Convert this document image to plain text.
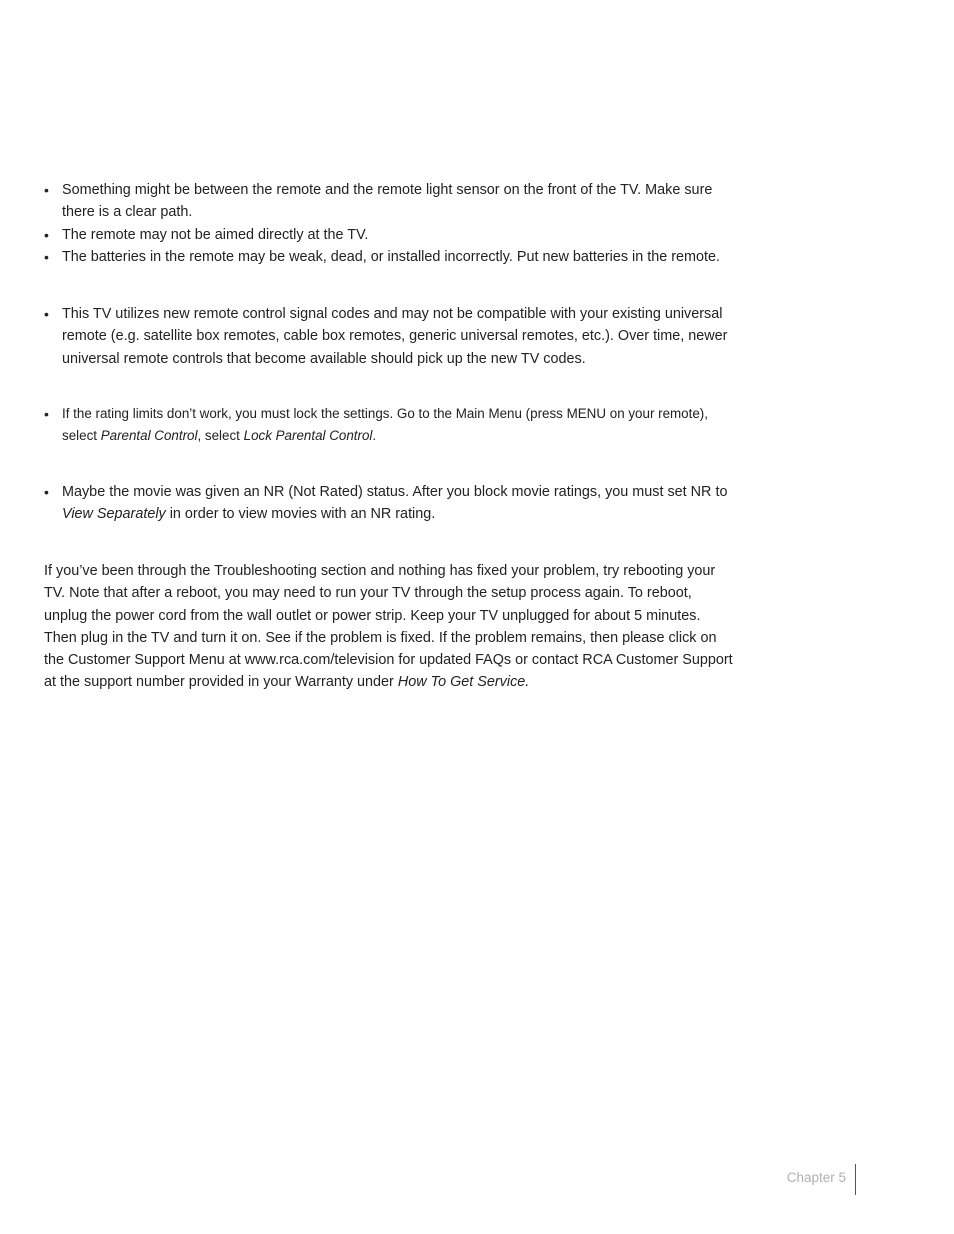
• Something might be between the remote and the remote light sensor on the front of the TV. Make sure there is a clear path.
• The remote may not be aimed directly at the TV.
• The batteries in the remote may be weak, dead, or installed incorrectly. Put new batteries in the remote.
• This TV utilizes new remote control signal codes and may not be compatible with your existing universal remote (e.g. satellite box remotes, cable box remotes, generic universal remotes, etc.). Over time, newer universal remote controls that become available should pick up the new TV codes.
• If the rating limits don’t work, you must lock the settings. Go to the Main Menu (press MENU on your remote), select Parental Control, select Lock Parental Control.
• Maybe the movie was given an NR (Not Rated) status. After you block movie ratings, you must set NR to View Separately in order to view movies with an NR rating.

If you’ve been through the Troubleshooting section and nothing has fixed your problem, try rebooting your TV. Note that after a reboot, you may need to run your TV through the setup process again. To reboot, unplug the power cord from the wall outlet or power strip. Keep your TV unplugged for about 5 minutes. Then plug in the TV and turn it on. See if the problem is fixed. If the problem remains, then please click on the Customer Support Menu at www.rca.com/television for updated FAQs or contact RCA Customer Support at the support number provided in your Warranty under How To Get Service.

Chapter 5
